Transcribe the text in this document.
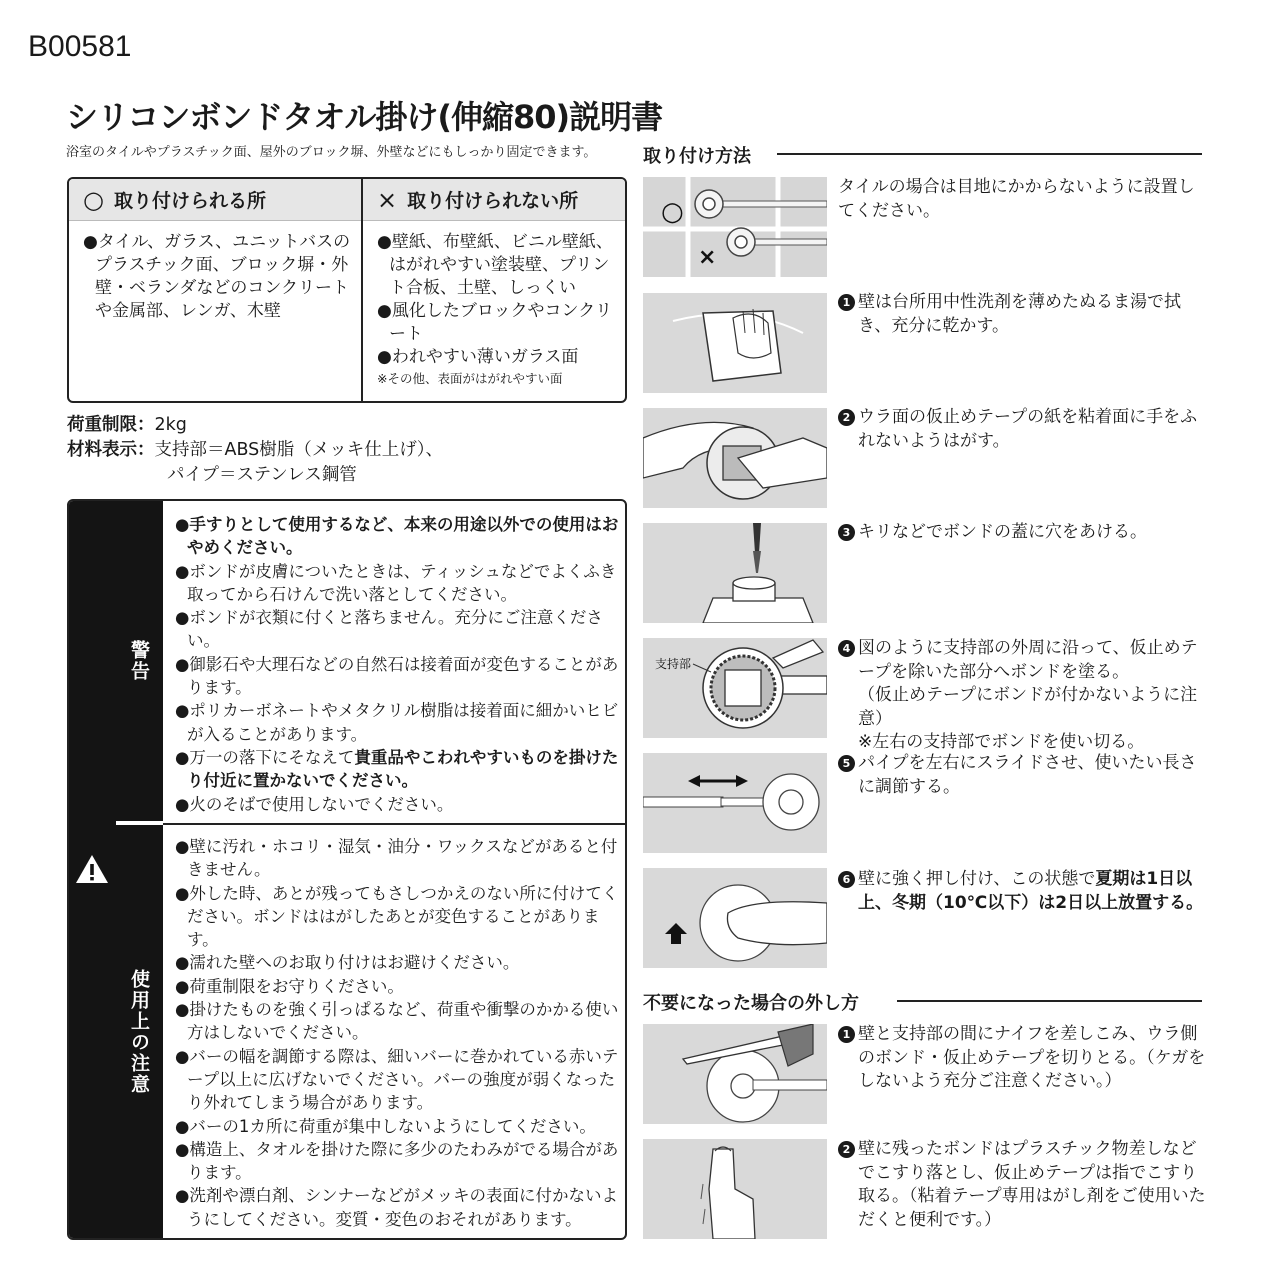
B00581
シリコンボンドタオル掛け(伸縮80)説明書
浴室のタイルやプラスチック面、屋外のブロック塀、外壁などにもしっかり固定できます。
○ 取り付けられる所
●タイル、ガラス、ユニットバスのプラスチック面、ブロック塀・外壁・ベランダなどのコンクリートや金属部、レンガ、木壁
× 取り付けられない所
●壁紙、布壁紙、ビニル壁紙、はがれやすい塗装壁、プリント合板、土壁、しっくい
●風化したブロックやコンクリート
●われやすい薄いガラス面
※その他、表面がはがれやすい面
荷重制限： 2kg
材料表示： 支持部＝ABS樹脂（メッキ仕上げ）、
パイプ＝ステンレス鋼管
警告
使用上の注意
●手すりとして使用するなど、本来の用途以外での使用はおやめください。
●ボンドが皮膚についたときは、ティッシュなどでよくふき取ってから石けんで洗い落としてください。
●ボンドが衣類に付くと落ちません。充分にご注意ください。
●御影石や大理石などの自然石は接着面が変色することがあります。
●ポリカーボネートやメタクリル樹脂は接着面に細かいヒビが入ることがあります。
●万一の落下にそなえて貴重品やこわれやすいものを掛けたり付近に置かないでください。
●火のそばで使用しないでください。
●壁に汚れ・ホコリ・湿気・油分・ワックスなどがあると付きません。
●外した時、あとが残ってもさしつかえのない所に付けてください。ボンドははがしたあとが変色することがあります。
●濡れた壁へのお取り付けはお避けください。
●荷重制限をお守りください。
●掛けたものを強く引っぱるなど、荷重や衝撃のかかる使い方はしないでください。
●バーの幅を調節する際は、細いバーに巻かれている赤いテープ以上に広げないでください。バーの強度が弱くなったり外れてしまう場合があります。
●バーの1カ所に荷重が集中しないようにしてください。
●構造上、タオルを掛けた際に多少のたわみがでる場合があります。
●洗剤や漂白剤、シンナーなどがメッキの表面に付かないようにしてください。変質・変色のおそれがあります。
取り付け方法
○
×
タイルの場合は目地にかからないように設置してください。
1 壁は台所用中性洗剤を薄めたぬるま湯で拭き、充分に乾かす。
2 ウラ面の仮止めテープの紙を粘着面に手をふれないようはがす。
3 キリなどでボンドの蓋に穴をあける。
支持部
4 図のように支持部の外周に沿って、仮止めテープを除いた部分へボンドを塗る。
（仮止めテープにボンドが付かないように注意）
※左右の支持部でボンドを使い切る。
5 パイプを左右にスライドさせ、使いたい長さに調節する。
6 壁に強く押し付け、この状態で夏期は1日以上、冬期（10℃以下）は2日以上放置する。
不要になった場合の外し方
1 壁と支持部の間にナイフを差しこみ、ウラ側のボンド・仮止めテープを切りとる。（ケガをしないよう充分ご注意ください。）
2 壁に残ったボンドはプラスチック物差しなどでこすり落とし、仮止めテープは指でこすり取る。（粘着テープ専用はがし剤をご使用いただくと便利です。）
